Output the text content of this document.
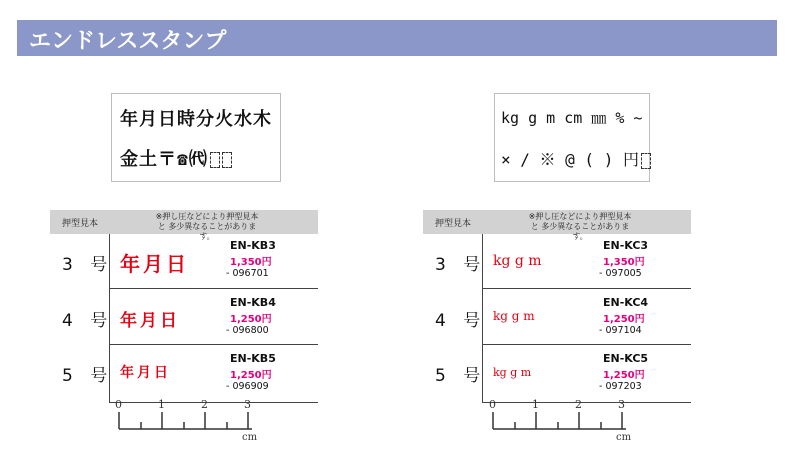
エンドレススタンプ
年月日時分火水木
金土〒☎㈹
kg g m cm ㎜ % ~
× / ※ @ ( ) 円
押型見本
※押し圧などにより押型見本と 多少異なることがあります。
3 号 年月日
EN-KB3
1,350円
- 096701
4 号 年月日
EN-KB4
1,250円
- 096800
5 号 年月日
EN-KB5
1,250円
- 096909
押型見本
※押し圧などにより押型見本と 多少異なることがあります。
3 号 kg g m
EN-KC3
1,350円
- 097005
4 号 kg g m
EN-KC4
1,250円
- 097104
5 号 kg g m
EN-KC5
1,250円
- 097203
0	1	2	3
cm
0	1	2	3
cm
